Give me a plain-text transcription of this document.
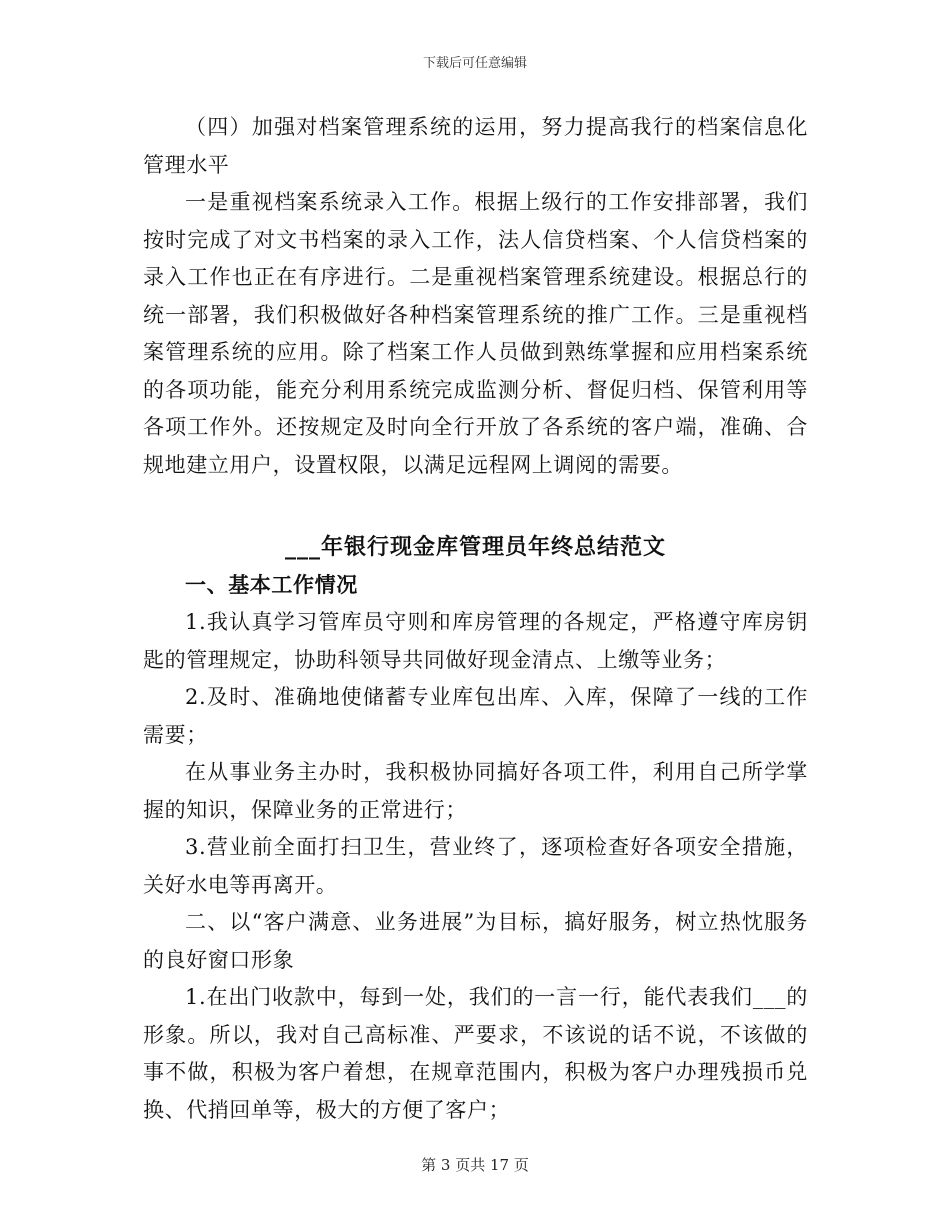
下载后可任意编辑

（四）加强对档案管理系统的运用，努力提高我行的档案信息化管理水平

一是重视档案系统录入工作。根据上级行的工作安排部署，我们按时完成了对文书档案的录入工作，法人信贷档案、个人信贷档案的录入工作也正在有序进行。二是重视档案管理系统建设。根据总行的统一部署，我们积极做好各种档案管理系统的推广工作。三是重视档案管理系统的应用。除了档案工作人员做到熟练掌握和应用档案系统的各项功能，能充分利用系统完成监测分析、督促归档、保管利用等各项工作外。还按规定及时向全行开放了各系统的客户端，准确、合规地建立用户，设置权限，以满足远程网上调阅的需要。

___年银行现金库管理员年终总结范文

一、基本工作情况

1.我认真学习管库员守则和库房管理的各规定，严格遵守库房钥匙的管理规定，协助科领导共同做好现金清点、上缴等业务；

2.及时、准确地使储蓄专业库包出库、入库，保障了一线的工作需要；

在从事业务主办时，我积极协同搞好各项工件，利用自己所学掌握的知识，保障业务的正常进行；

3.营业前全面打扫卫生，营业终了，逐项检查好各项安全措施，关好水电等再离开。

二、以“客户满意、业务进展”为目标，搞好服务，树立热忱服务的良好窗口形象

1.在出门收款中，每到一处，我们的一言一行，能代表我们___的形象。所以，我对自己高标准、严要求，不该说的话不说，不该做的事不做，积极为客户着想，在规章范围内，积极为客户办理残损币兑换、代捎回单等，极大的方便了客户；

第 3 页共 17 页
